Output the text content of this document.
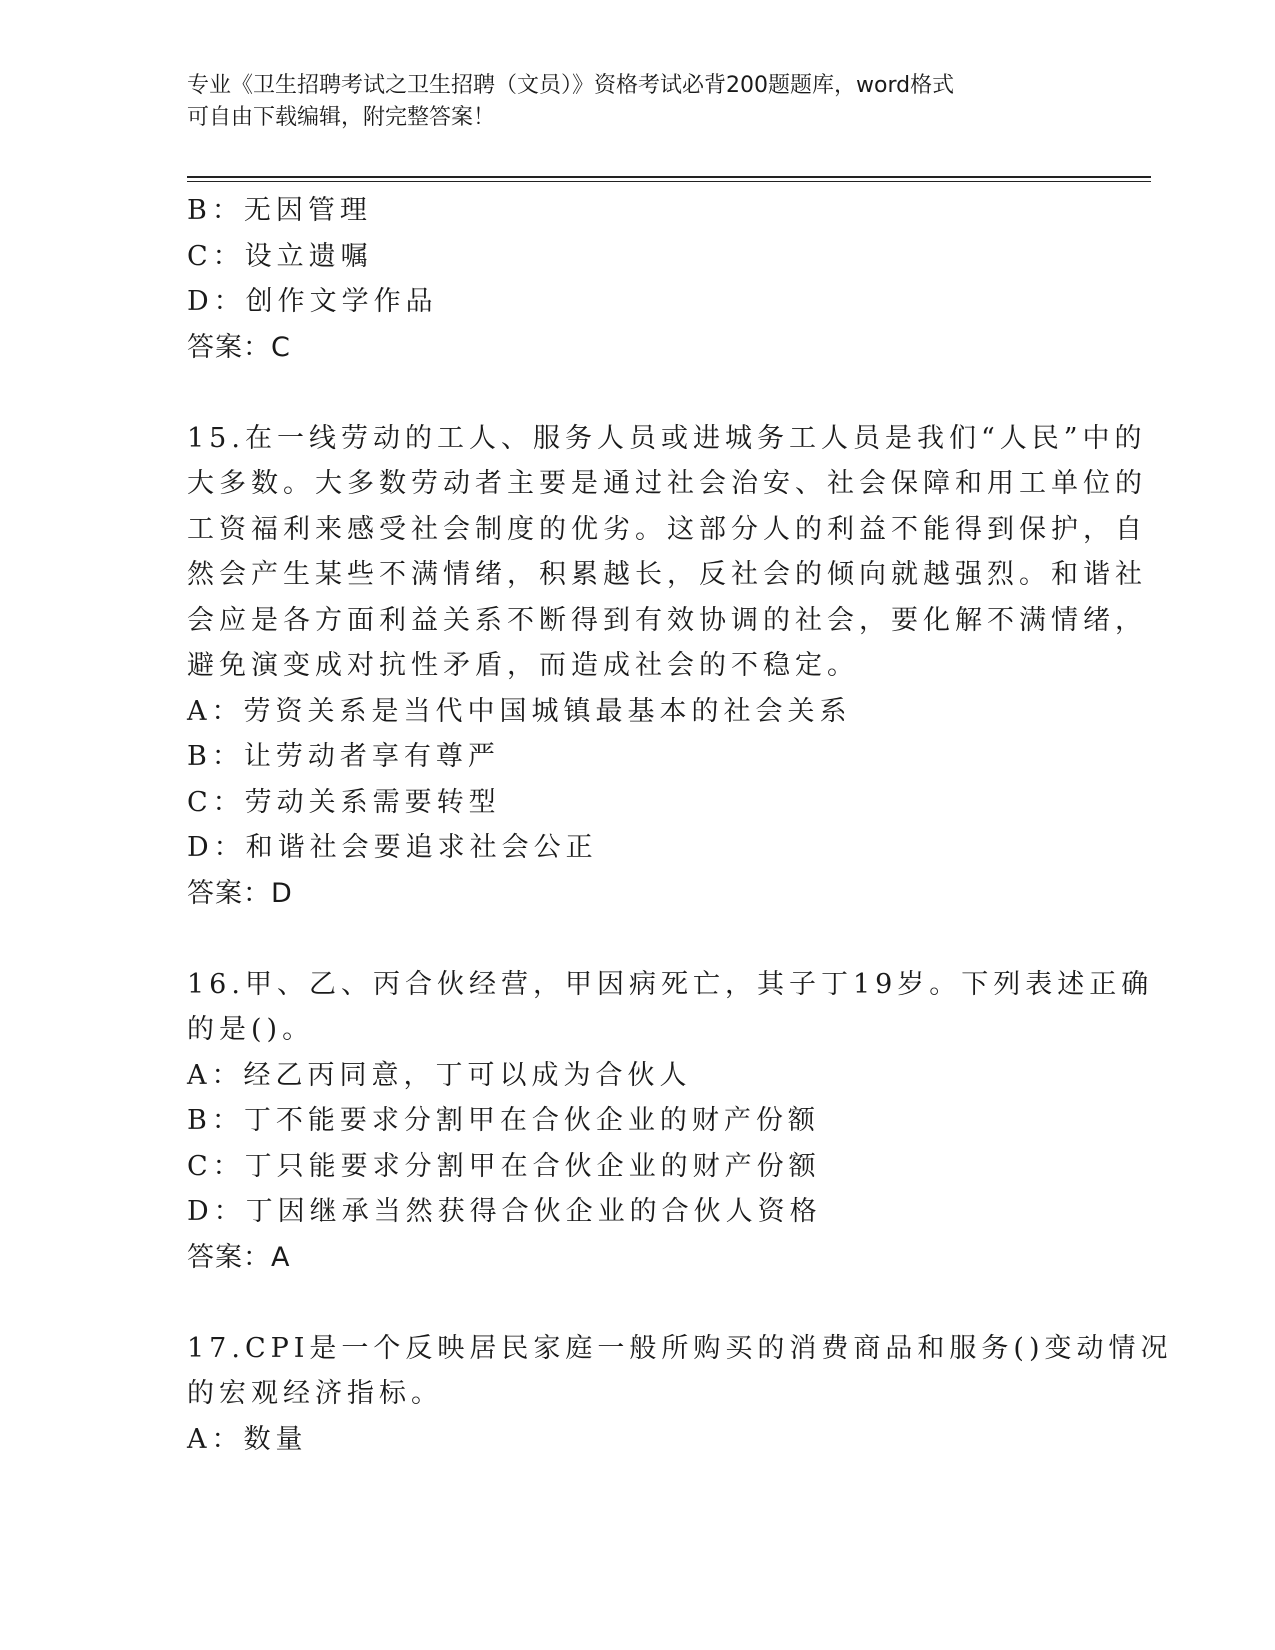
专业《卫生招聘考试之卫生招聘（文员）》资格考试必背200题题库，word格式
可自由下载编辑，附完整答案！
B：无因管理
C：设立遗嘱
D：创作文学作品
答案：C
15.在一线劳动的工人、服务人员或进城务工人员是我们“人民”中的
大多数。大多数劳动者主要是通过社会治安、社会保障和用工单位的
工资福利来感受社会制度的优劣。这部分人的利益不能得到保护，自
然会产生某些不满情绪，积累越长，反社会的倾向就越强烈。和谐社
会应是各方面利益关系不断得到有效协调的社会，要化解不满情绪，
避免演变成对抗性矛盾，而造成社会的不稳定。
A：劳资关系是当代中国城镇最基本的社会关系
B：让劳动者享有尊严
C：劳动关系需要转型
D：和谐社会要追求社会公正
答案：D
16.甲、乙、丙合伙经营，甲因病死亡，其子丁19岁。下列表述正确
的是()。
A：经乙丙同意，丁可以成为合伙人
B：丁不能要求分割甲在合伙企业的财产份额
C：丁只能要求分割甲在合伙企业的财产份额
D：丁因继承当然获得合伙企业的合伙人资格
答案：A
17.CPI是一个反映居民家庭一般所购买的消费商品和服务()变动情况
的宏观经济指标。
A：数量
